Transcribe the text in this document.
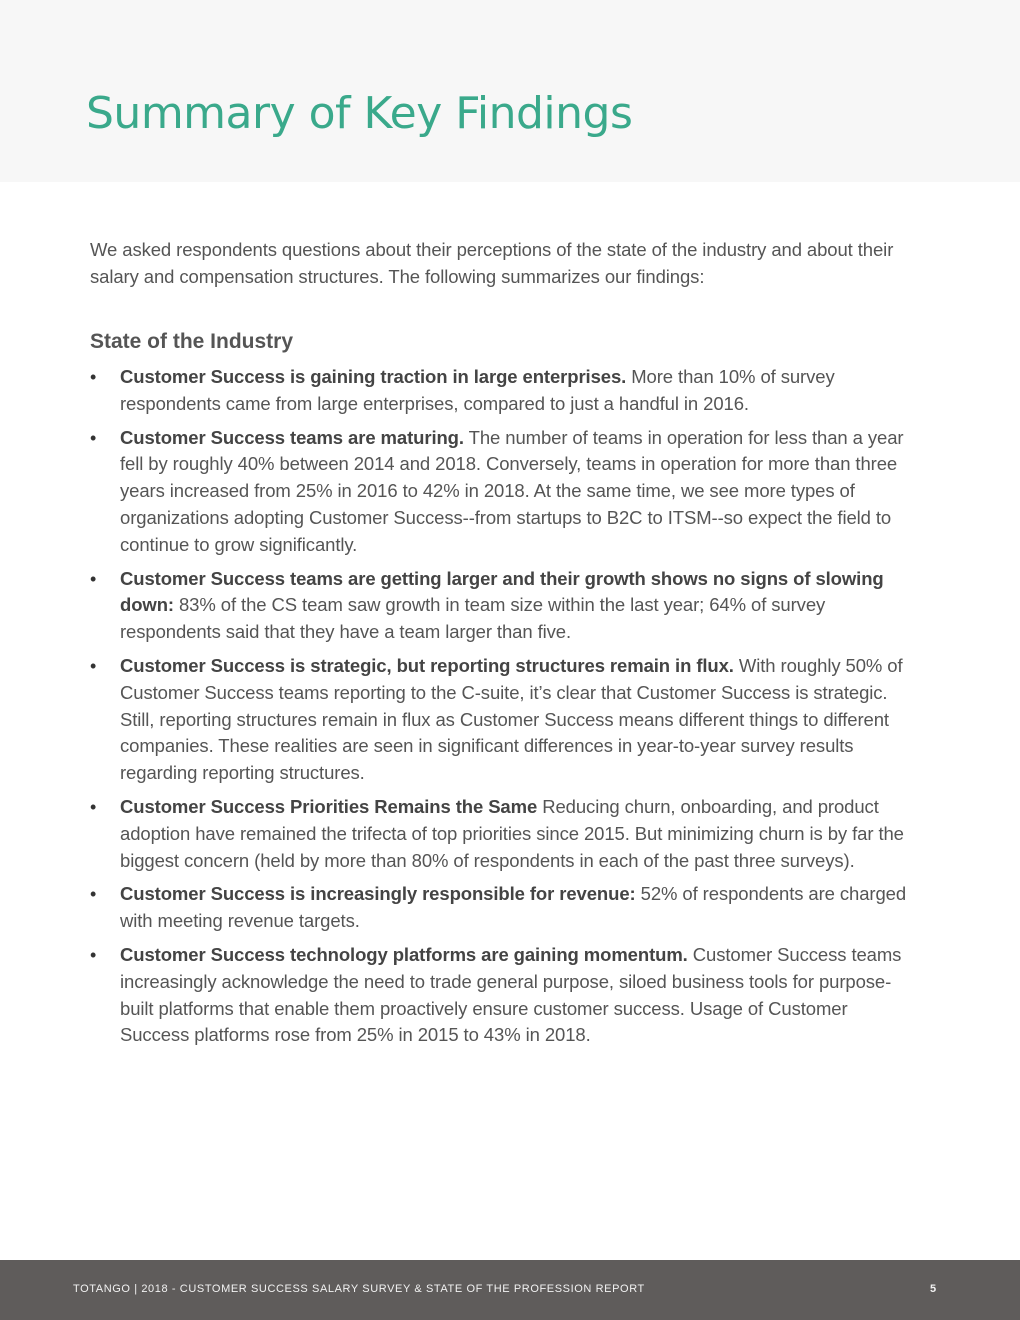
Summary of Key Findings

We asked respondents questions about their perceptions of the state of the industry and about their salary and compensation structures. The following summarizes our findings:

State of the Industry
• Customer Success is gaining traction in large enterprises. More than 10% of survey respondents came from large enterprises, compared to just a handful in 2016.
• Customer Success teams are maturing. The number of teams in operation for less than a year fell by roughly 40% between 2014 and 2018. Conversely, teams in operation for more than three years increased from 25% in 2016 to 42% in 2018. At the same time, we see more types of organizations adopting Customer Success--from startups to B2C to ITSM--so expect the field to continue to grow significantly.
• Customer Success teams are getting larger and their growth shows no signs of slowing down: 83% of the CS team saw growth in team size within the last year; 64% of survey respondents said that they have a team larger than five.
• Customer Success is strategic, but reporting structures remain in flux. With roughly 50% of Customer Success teams reporting to the C-suite, it’s clear that Customer Success is strategic. Still, reporting structures remain in flux as Customer Success means different things to different companies. These realities are seen in significant differences in year-to-year survey results regarding reporting structures.
• Customer Success Priorities Remains the Same Reducing churn, onboarding, and product adoption have remained the trifecta of top priorities since 2015. But minimizing churn is by far the biggest concern (held by more than 80% of respondents in each of the past three surveys).
• Customer Success is increasingly responsible for revenue: 52% of respondents are charged with meeting revenue targets.
• Customer Success technology platforms are gaining momentum. Customer Success teams increasingly acknowledge the need to trade general purpose, siloed business tools for purpose-built platforms that enable them proactively ensure customer success. Usage of Customer Success platforms rose from 25% in 2015 to 43% in 2018.
TOTANGO | 2018 - CUSTOMER SUCCESS SALARY SURVEY & STATE OF THE PROFESSION REPORT	5
